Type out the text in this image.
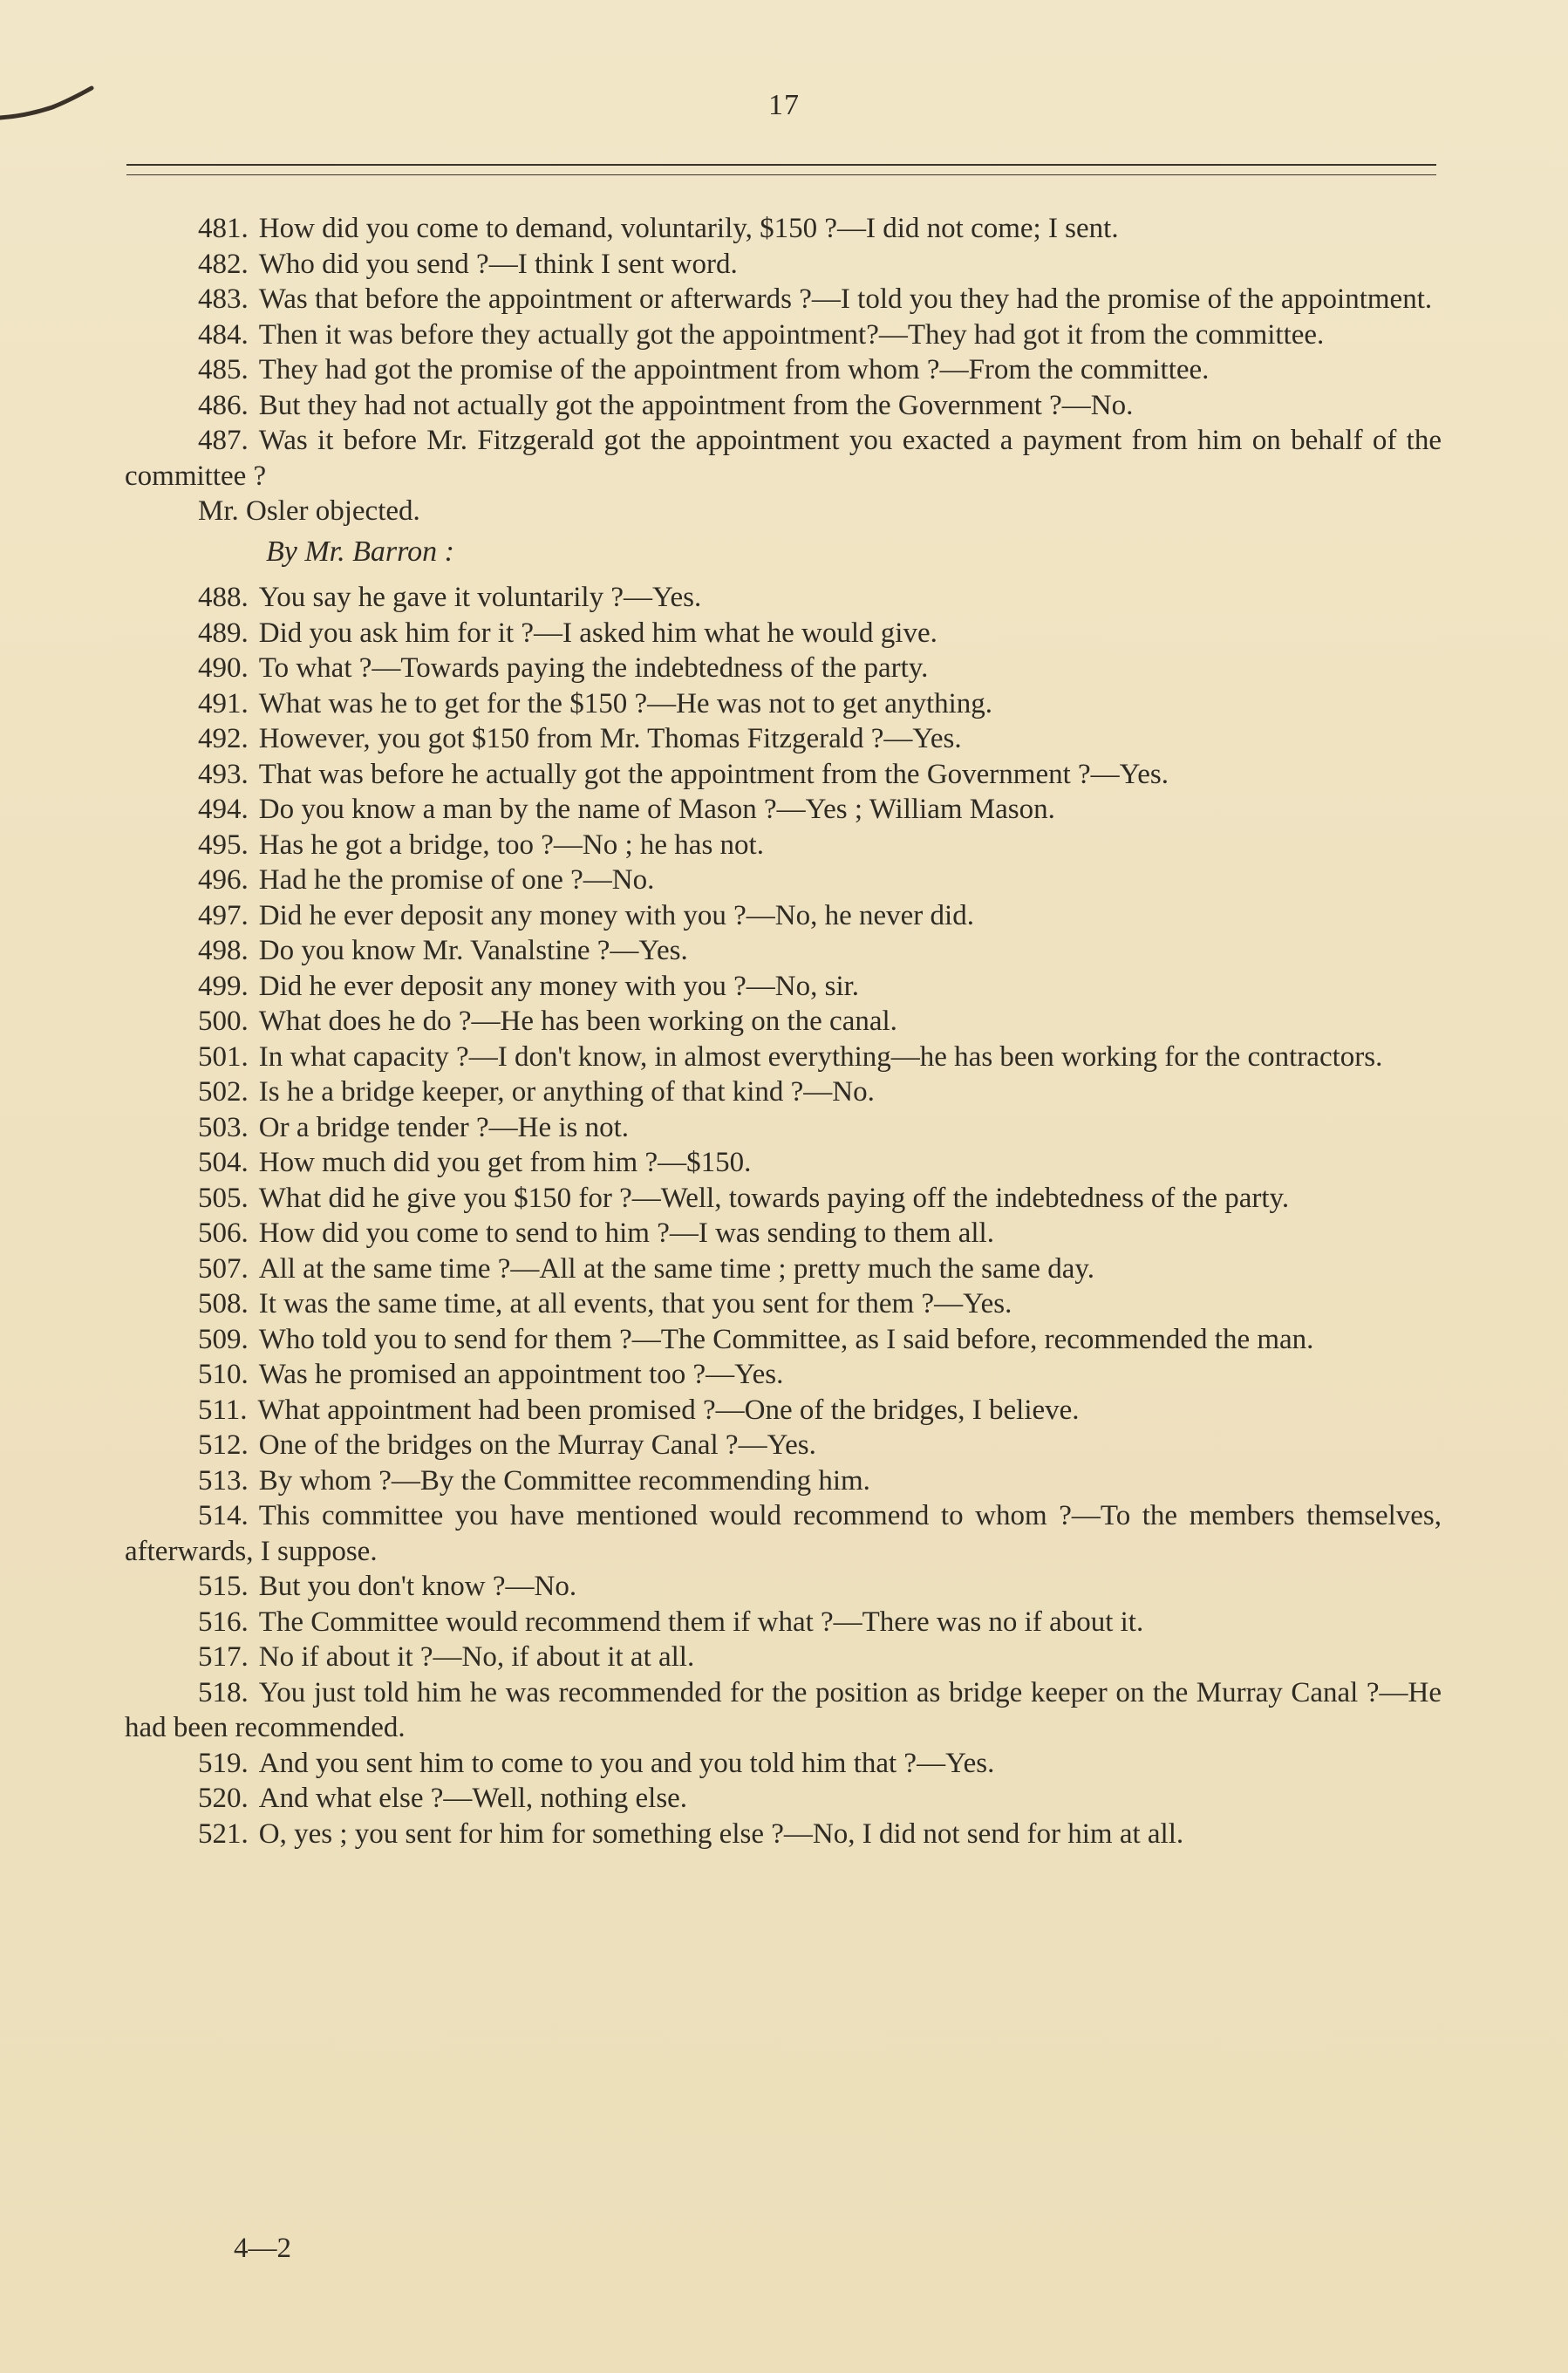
17

481. How did you come to demand, voluntarily, $150 ?—I did not come; I sent.

482. Who did you send ?—I think I sent word.

483. Was that before the appointment or afterwards ?—I told you they had the promise of the appointment.

484. Then it was before they actually got the appointment?—They had got it from the committee.

485. They had got the promise of the appointment from whom ?—From the committee.

486. But they had not actually got the appointment from the Government ?—No.

487. Was it before Mr. Fitzgerald got the appointment you exacted a payment from him on behalf of the committee ?

Mr. Osler objected.

By Mr. Barron :

488. You say he gave it voluntarily ?—Yes.

489. Did you ask him for it ?—I asked him what he would give.

490. To what ?—Towards paying the indebtedness of the party.

491. What was he to get for the $150 ?—He was not to get anything.

492. However, you got $150 from Mr. Thomas Fitzgerald ?—Yes.

493. That was before he actually got the appointment from the Government ?—Yes.

494. Do you know a man by the name of Mason ?—Yes ; William Mason.

495. Has he got a bridge, too ?—No ; he has not.

496. Had he the promise of one ?—No.

497. Did he ever deposit any money with you ?—No, he never did.

498. Do you know Mr. Vanalstine ?—Yes.

499. Did he ever deposit any money with you ?—No, sir.

500. What does he do ?—He has been working on the canal.

501. In what capacity ?—I don't know, in almost everything—he has been working for the contractors.

502. Is he a bridge keeper, or anything of that kind ?—No.

503. Or a bridge tender ?—He is not.

504. How much did you get from him ?—$150.

505. What did he give you $150 for ?—Well, towards paying off the indebtedness of the party.

506. How did you come to send to him ?—I was sending to them all.

507. All at the same time ?—All at the same time ; pretty much the same day.

508. It was the same time, at all events, that you sent for them ?—Yes.

509. Who told you to send for them ?—The Committee, as I said before, recommended the man.

510. Was he promised an appointment too ?—Yes.

511. What appointment had been promised ?—One of the bridges, I believe.

512. One of the bridges on the Murray Canal ?—Yes.

513. By whom ?—By the Committee recommending him.

514. This committee you have mentioned would recommend to whom ?—To the members themselves, afterwards, I suppose.

515. But you don't know ?—No.

516. The Committee would recommend them if what ?—There was no if about it.

517. No if about it ?—No, if about it at all.

518. You just told him he was recommended for the position as bridge keeper on the Murray Canal ?—He had been recommended.

519. And you sent him to come to you and you told him that ?—Yes.

520. And what else ?—Well, nothing else.

521. O, yes ; you sent for him for something else ?—No, I did not send for him at all.

4—2
